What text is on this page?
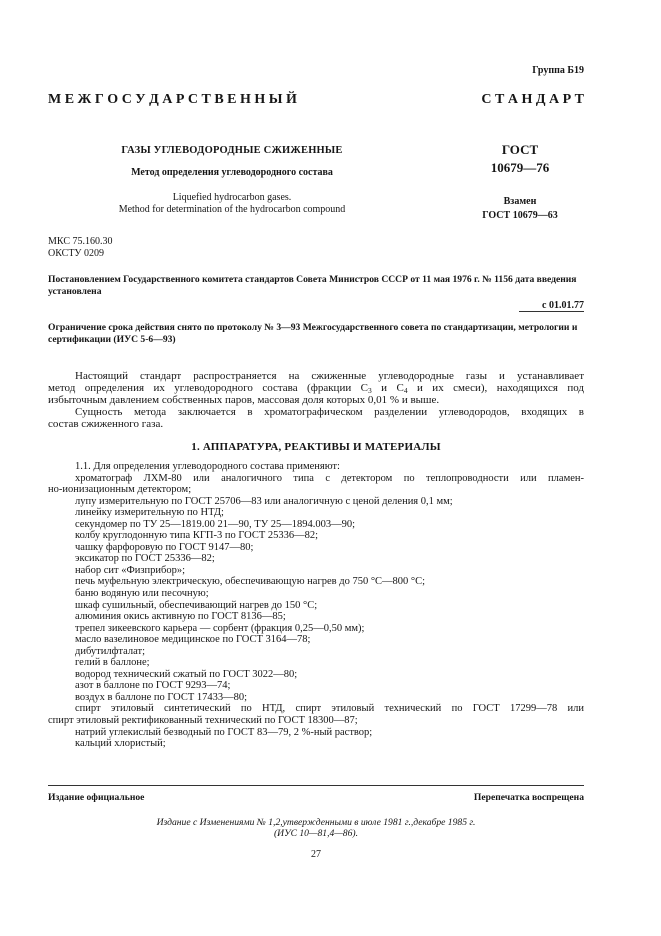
Группа Б19
М Е Ж Г О С У Д А Р С Т В Е Н Н Ы Й	С Т А Н Д А Р Т
ГАЗЫ УГЛЕВОДОРОДНЫЕ СЖИЖЕННЫЕ
Метод определения углеводородного состава
Liquefied hydrocarbon gases.
Method for determination of the hydrocarbon compound
ГОСТ
10679—76
Взамен
ГОСТ 10679—63
МКС 75.160.30
ОКСТУ 0209
Постановлением Государственного комитета стандартов Совета Министров СССР от 11 мая 1976 г. № 1156 дата введения установлена
с 01.01.77
Ограничение срока действия снято по протоколу № 3—93 Межгосударственного совета по стандартизации, метрологии и сертификации (ИУС 5-6—93)
Настоящий стандарт распространяется на сжиженные углеводородные газы и устанавливает
метод определения их углеводородного состава (фракции $С_3$ и $С_4$ и их смеси), находящихся под
избыточным давлением собственных паров, массовая доля которых 0,01 % и выше.
Сущность метода заключается в хроматографическом разделении углеводородов, входящих в
состав сжиженного газа.
1. АППАРАТУРА, РЕАКТИВЫ И МАТЕРИАЛЫ
1.1. Для определения углеводородного состава применяют:
хроматограф ЛХМ-80 или аналогичного типа с детектором по теплопроводности или пламен-
но-ионизационным детектором;
лупу измерительную по ГОСТ 25706—83 или аналогичную с ценой деления 0,1 мм;
линейку измерительную по НТД;
секундомер по ТУ 25—1819.00 21—90, ТУ 25—1894.003—90;
колбу круглодонную типа КГП-3 по ГОСТ 25336—82;
чашку фарфоровую по ГОСТ 9147—80;
эксикатор по ГОСТ 25336—82;
набор сит «Физприбор»;
печь муфельную электрическую, обеспечивающую нагрев до 750 °С—800 °С;
баню водяную или песочную;
шкаф сушильный, обеспечивающий нагрев до 150 °С;
алюминия окись активную по ГОСТ 8136—85;
трепел зикеевского карьера — сорбент (фракция 0,25—0,50 мм);
масло вазелиновое медицинское по ГОСТ 3164—78;
дибутилфталат;
гелий в баллоне;
водород технический сжатый по ГОСТ 3022—80;
азот в баллоне по ГОСТ 9293—74;
воздух в баллоне по ГОСТ 17433—80;
спирт этиловый синтетический по НТД, спирт этиловый технический по ГОСТ 17299—78 или
спирт этиловый ректификованный технический по ГОСТ 18300—87;
натрий углекислый безводный по ГОСТ 83—79, 2 %-ный раствор;
кальций хлористый;
Издание официальное	Перепечатка воспрещена
Издание с Изменениями № 1,2,утвержденными в июле 1981 г.,декабре 1985 г.
(ИУС 10—81,4—86).
27
